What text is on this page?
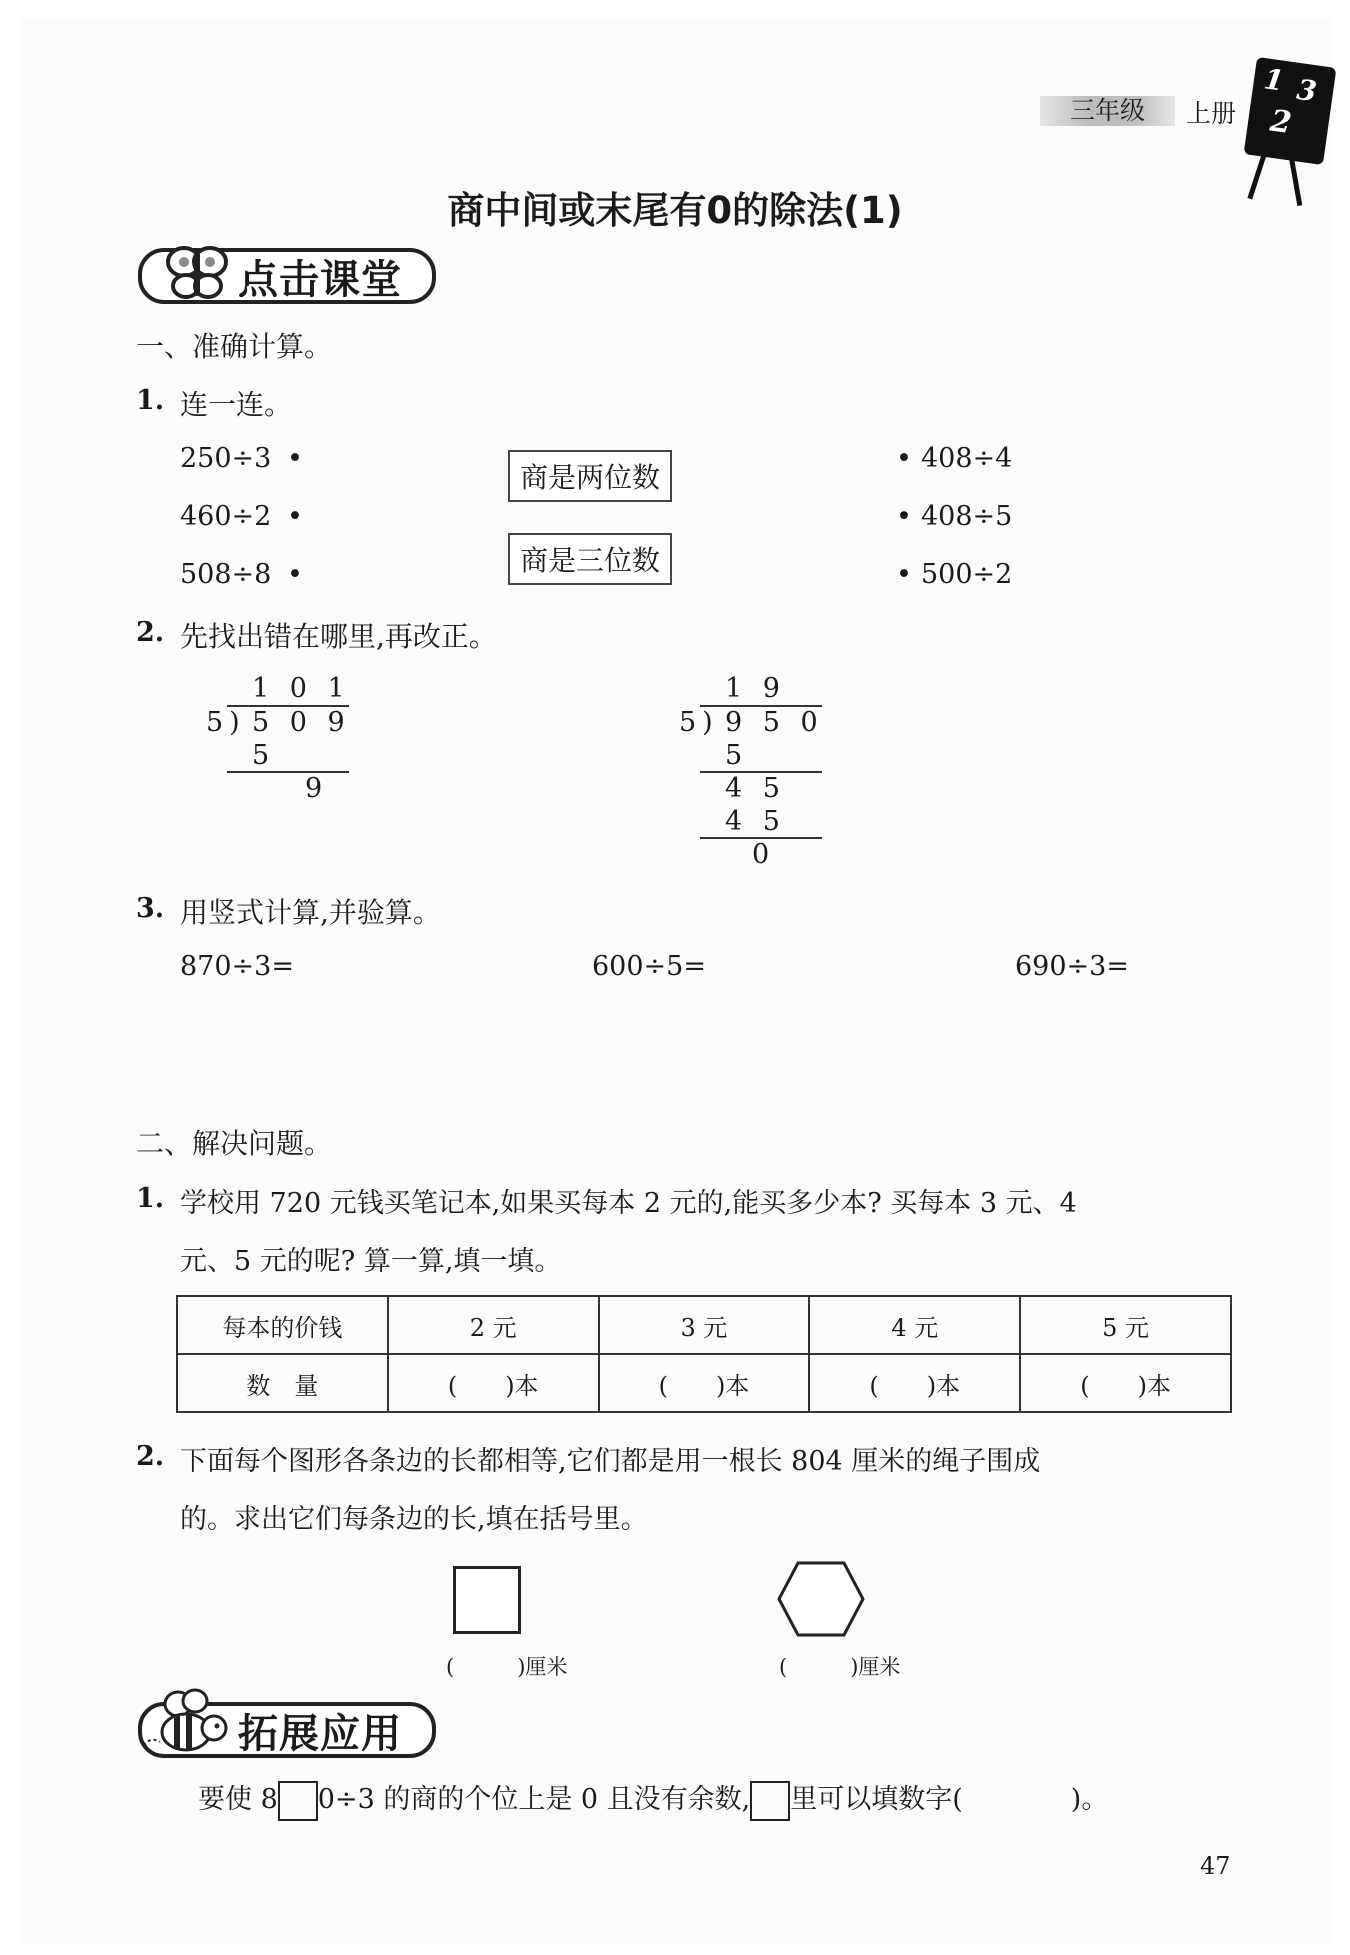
三年级	上册
1 3
2
商中间或末尾有0的除法(1)
点击课堂
一、准确计算。
1. 连一连。
250÷3
460÷2
508÷8
•
•
•
商是两位数
商是三位数
•
•
•
408÷4
408÷5
500÷2
2. 先找出错在哪里,再改正。
1 0 1
5) 5 0 9
5
9
1 9
5) 9 5 0
5
4 5
4 5
0
3. 用竖式计算,并验算。
870÷3=	600÷5=	690÷3=
二、解决问题。
1. 学校用 720 元钱买笔记本,如果买每本 2 元的,能买多少本? 买每本 3 元、4
元、5 元的呢? 算一算,填一填。
每本的价钱	2 元	3 元	4 元	5 元
数　量	(　　)本	(　　)本	(　　)本	(　　)本
2. 下面每个图形各条边的长都相等,它们都是用一根长 804 厘米的绳子围成
的。求出它们每条边的长,填在括号里。
(　　　)厘米	(　　　)厘米
拓展应用
要使 8 0÷3 的商的个位上是 0 且没有余数, 里可以填数字(　　　　)。
47
